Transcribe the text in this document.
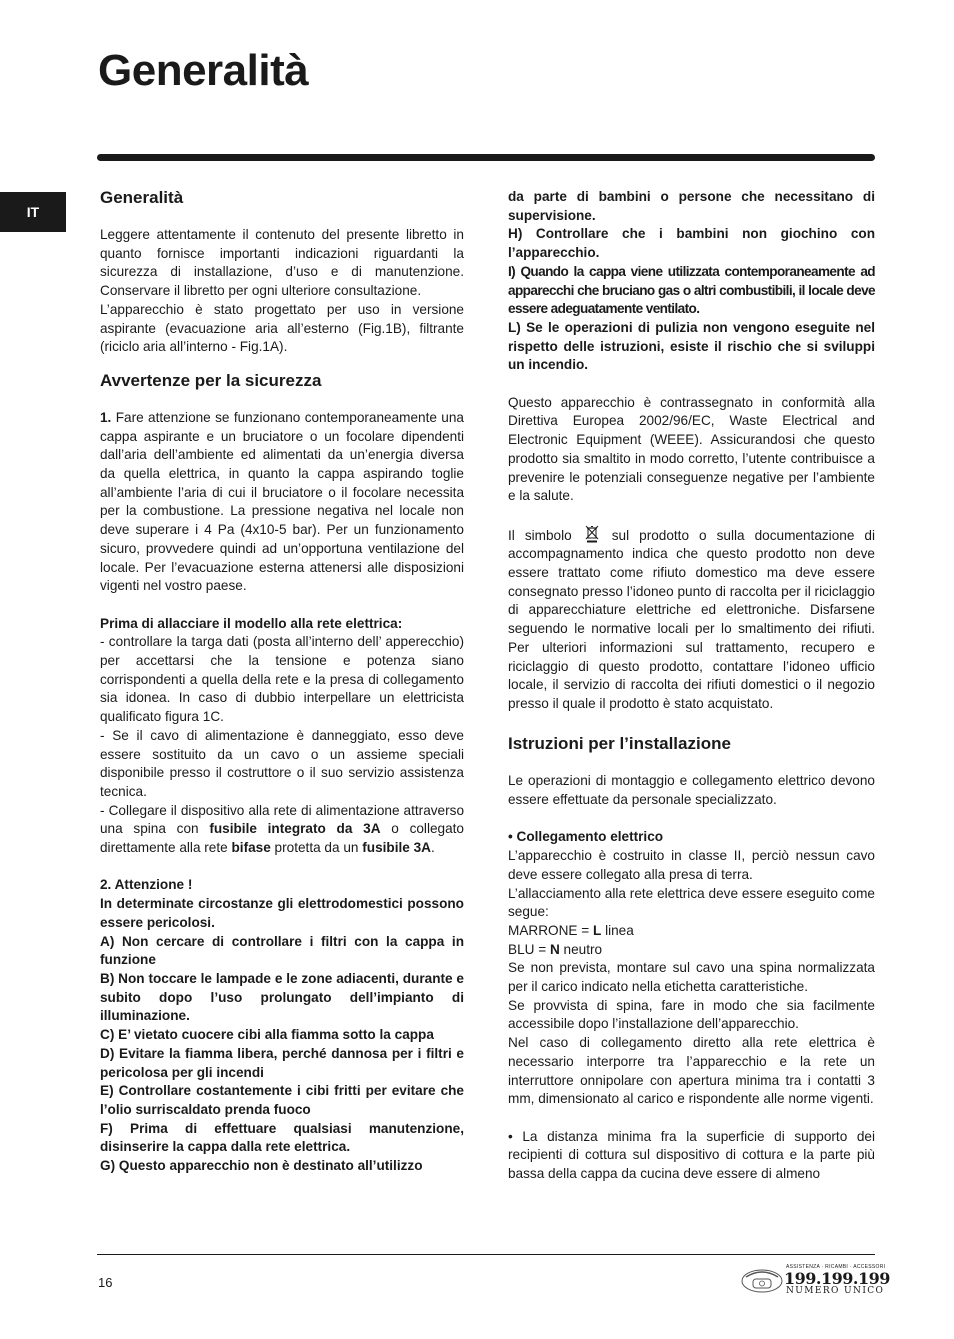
Generalità
IT
Generalità

Leggere attentamente il contenuto del presente libretto in quanto fornisce importanti indicazioni riguardanti la sicurezza di installazione, d’uso e di manutenzione. Conservare il libretto per ogni ulteriore consultazione.

L’apparecchio è stato progettato per uso in versione aspirante (evacuazione aria all’esterno (Fig.1B), filtrante (riciclo aria all’interno - Fig.1A).

Avvertenze per la sicurezza

1. Fare attenzione se funzionano contemporaneamente una cappa aspirante e un bruciatore o un focolare dipendenti dall’aria dell’ambiente ed alimentati da un’energia diversa da quella elettrica, in quanto la cappa aspirando toglie all’ambiente l’aria di cui il bruciatore o il focolare necessita per la combustione. La pressione negativa nel locale non deve superare i 4 Pa (4x10-5 bar). Per un funzionamento sicuro, provvedere quindi ad un’opportuna ventilazione del locale. Per l’evacuazione esterna attenersi alle disposizioni vigenti nel vostro paese.

Prima di allacciare il modello alla rete elettrica:

- controllare la targa dati (posta all’interno dell’ apperecchio) per accettarsi che la tensione e potenza siano corrispondenti a quella della rete e la presa di collegamento sia idonea. In caso di dubbio interpellare un elettricista qualificato figura 1C.

- Se il cavo di alimentazione è danneggiato, esso deve essere sostituito da un cavo o un assieme speciali disponibile presso il costruttore o il suo servizio assistenza tecnica.

- Collegare il dispositivo alla rete di alimentazione attraverso una spina con fusibile integrato da 3A o collegato direttamente alla rete bifase protetta da un fusibile 3A.

2. Attenzione !

In determinate circostanze gli elettrodomestici possono essere pericolosi.

A) Non cercare di controllare i filtri con la cappa in funzione

B) Non toccare le lampade e le zone adiacenti, durante e subito dopo l’uso prolungato dell’impianto di illuminazione.

C) E’ vietato cuocere cibi alla fiamma sotto la cappa

D) Evitare la fiamma libera, perché dannosa per i filtri e pericolosa per gli incendi

E) Controllare costantemente i cibi fritti per evitare che l’olio surriscaldato prenda fuoco

F) Prima di effettuare qualsiasi manutenzione, disinserire la cappa dalla rete elettrica.

G) Questo apparecchio non è destinato all’utilizzo

da parte di bambini o persone che necessitano di supervisione.

H) Controllare che i bambini non giochino con l’apparecchio.

I) Quando la cappa viene utilizzata contemporaneamente ad apparecchi che bruciano gas o altri combustibili, il locale deve essere adeguatamente ventilato.

L) Se le operazioni di pulizia non vengono eseguite nel rispetto delle istruzioni, esiste il rischio che si sviluppi un incendio.

Questo apparecchio è contrassegnato in conformità alla Direttiva Europea 2002/96/EC, Waste Electrical and Electronic Equipment (WEEE). Assicurandosi che questo prodotto sia smaltito in modo corretto, l’utente contribuisce a prevenire le potenziali conseguenze negative per l’ambiente e la salute.

Il simbolo  sul prodotto o sulla documentazione di accompagnamento indica che questo prodotto non deve essere trattato come rifiuto domestico ma deve essere consegnato presso l’idoneo punto di raccolta per il riciclaggio di apparecchiature elettriche ed elettroniche. Disfarsene seguendo le normative locali per lo smaltimento dei rifiuti. Per ulteriori informazioni sul trattamento, recupero e riciclaggio di questo prodotto, contattare l’idoneo ufficio locale, il servizio di raccolta dei rifiuti domestici o il negozio presso il quale il prodotto è stato acquistato.

Istruzioni per l’installazione

Le operazioni di montaggio e collegamento elettrico devono essere effettuate da personale specializzato.

• Collegamento elettrico

L’apparecchio è costruito in classe II, perciò nessun cavo deve essere collegato alla presa di terra.

L’allacciamento alla rete elettrica deve essere eseguito come segue:

MARRONE = L linea

BLU = N neutro

Se non prevista, montare sul cavo una spina normalizzata per il carico indicato nella etichetta caratteristiche.

Se provvista di spina, fare in modo che sia facilmente accessibile dopo l’installazione dell’apparecchio.

Nel caso di collegamento diretto alla rete elettrica è necessario interporre tra l’apparecchio e la rete un interruttore onnipolare con apertura minima tra i contatti 3 mm, dimensionato al carico e rispondente alle norme vigenti.

• La distanza minima fra la superficie di supporto dei recipienti di cottura sul dispositivo di cottura e la parte più bassa della cappa da cucina deve essere di almeno

16
ASSISTENZA · RICAMBI · ACCESSORI
199.199.199
NUMERO UNICO
